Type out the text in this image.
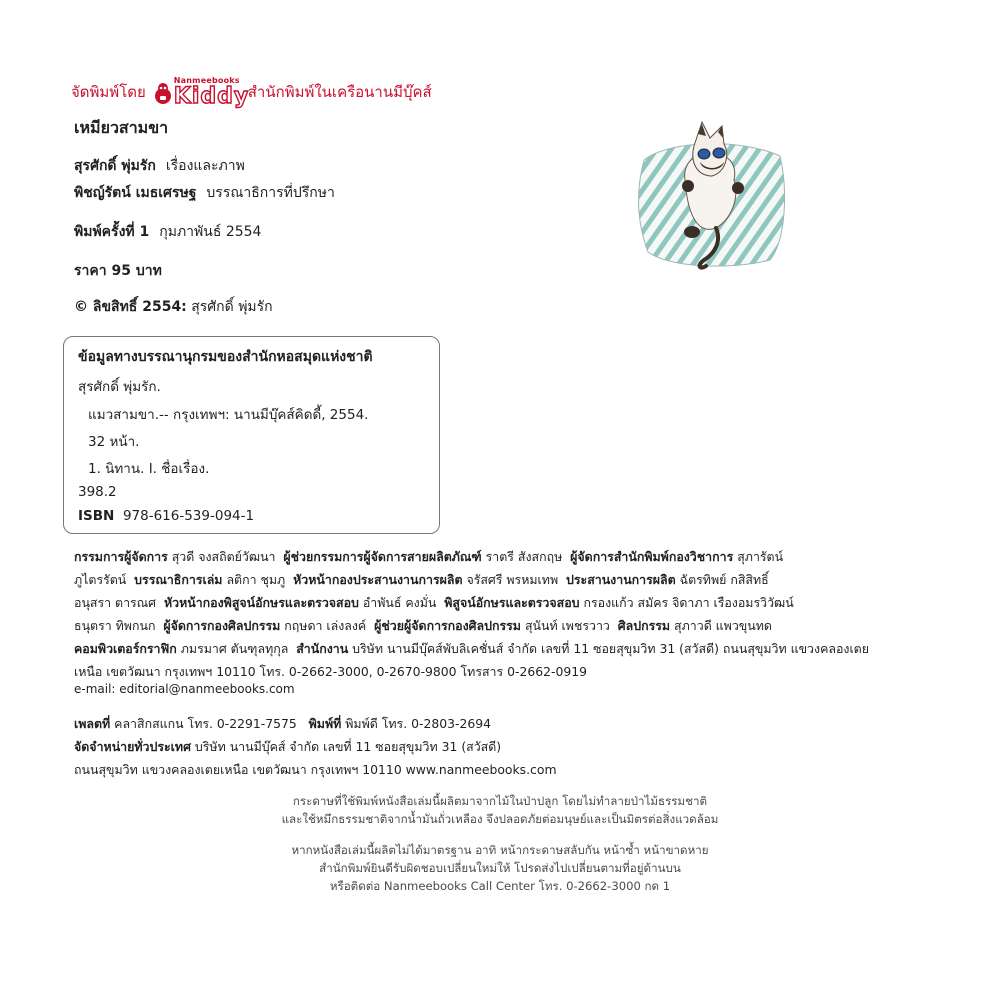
จัดพิมพ์โดย
Nanmeebooks
Kiddy
สำนักพิมพ์ในเครือนานมีบุ๊คส์
เหมียวสามขา
สุรศักดิ์ พุ่มรัก เรื่องและภาพ
พิชญ์รัตน์ เมธเศรษฐ บรรณาธิการที่ปรึกษา
พิมพ์ครั้งที่ 1 กุมภาพันธ์ 2554
ราคา 95 บาท
© ลิขสิทธิ์ 2554: สุรศักดิ์ พุ่มรัก
ข้อมูลทางบรรณานุกรมของสำนักหอสมุดแห่งชาติ
สุรศักดิ์ พุ่มรัก.
แมวสามขา.-- กรุงเทพฯ: นานมีบุ๊คส์คิดดี้, 2554.
32 หน้า.
1. นิทาน. I. ชื่อเรื่อง.
398.2
ISBN 978-616-539-094-1
กรรมการผู้จัดการ สุวดี จงสถิตย์วัฒนา ผู้ช่วยกรรมการผู้จัดการสายผลิตภัณฑ์ ราตรี สังสกฤษ ผู้จัดการสำนักพิมพ์กองวิชาการ สุภารัตน์
ภูไตรรัตน์ บรรณาธิการเล่ม ลติกา ชุมภู หัวหน้ากองประสานงานการผลิต จรัสศรี พรหมเทพ ประสานงานการผลิต ฉัตรทิพย์ กสิสิทธิ์
อนุสรา ตารณศ หัวหน้ากองพิสูจน์อักษรและตรวจสอบ อำพันธ์ คงมั่น พิสูจน์อักษรและตรวจสอบ กรองแก้ว สมัคร จิดาภา เรืองอมรวิวัฒน์
ธนุตรา ทิพกนก ผู้จัดการกองศิลปกรรม กฤษดา เล่งลงค์ ผู้ช่วยผู้จัดการกองศิลปกรรม สุนันท์ เพชรวาว ศิลปกรรม สุภาวดี แพวขุนทด
คอมพิวเตอร์กราฟิก ภมรมาศ ตันฑุลทุกุล สำนักงาน บริษัท นานมีบุ๊คส์พับลิเคชั่นส์ จำกัด เลขที่ 11 ซอยสุขุมวิท 31 (สวัสดี) ถนนสุขุมวิท แขวงคลองเตย
เหนือ เขตวัฒนา กรุงเทพฯ 10110 โทร. 0-2662-3000, 0-2670-9800 โทรสาร 0-2662-0919
e-mail: editorial@nanmeebooks.com
เพลตที่ คลาสิกสแกน โทร. 0-2291-7575 พิมพ์ที่ พิมพ์ดี โทร. 0-2803-2694
จัดจำหน่ายทั่วประเทศ บริษัท นานมีบุ๊คส์ จำกัด เลขที่ 11 ซอยสุขุมวิท 31 (สวัสดี)
ถนนสุขุมวิท แขวงคลองเตยเหนือ เขตวัฒนา กรุงเทพฯ 10110 www.nanmeebooks.com

กระดาษที่ใช้พิมพ์หนังสือเล่มนี้ผลิตมาจากไม้ในป่าปลูก โดยไม่ทำลายป่าไม้ธรรมชาติ

และใช้หมึกธรรมชาติจากน้ำมันถั่วเหลือง จึงปลอดภัยต่อมนุษย์และเป็นมิตรต่อสิ่งแวดล้อม

หากหนังสือเล่มนี้ผลิตไม่ได้มาตรฐาน อาทิ หน้ากระดาษสลับกัน หน้าซ้ำ หน้าขาดหาย

สำนักพิมพ์ยินดีรับผิดชอบเปลี่ยนใหม่ให้ โปรดส่งไปเปลี่ยนตามที่อยู่ด้านบน

หรือติดต่อ Nanmeebooks Call Center โทร. 0-2662-3000 กด 1
